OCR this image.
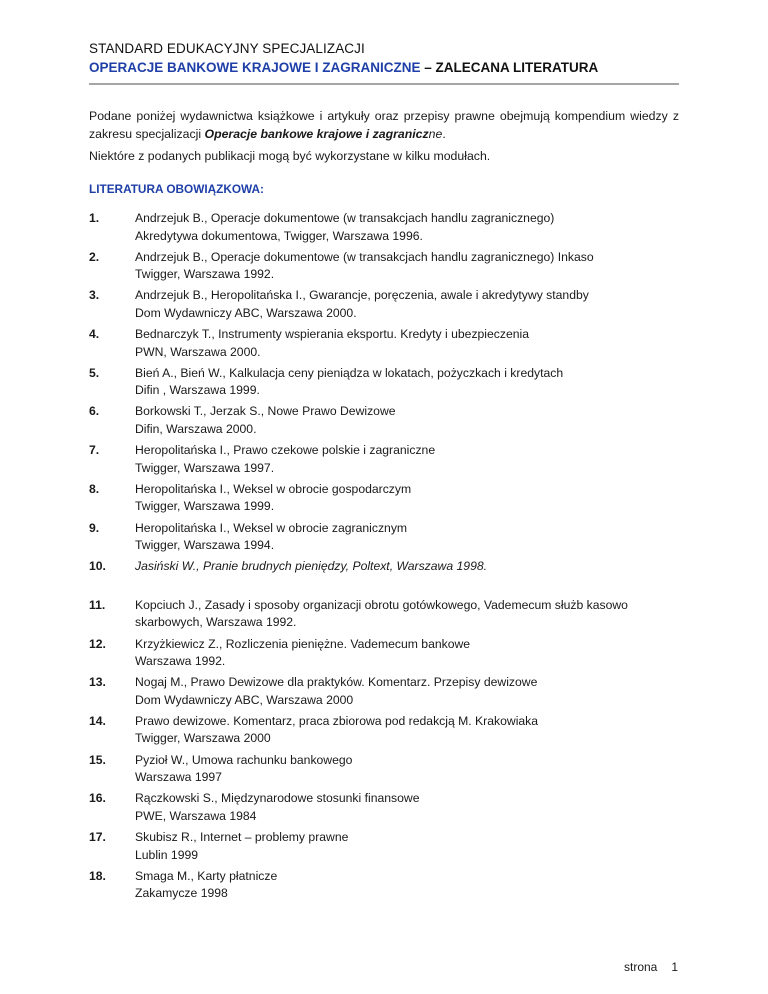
STANDARD EDUKACYJNY SPECJALIZACJI
OPERACJE BANKOWE KRAJOWE I ZAGRANICZNE – ZALECANA LITERATURA
Podane poniżej wydawnictwa książkowe i artykuły oraz przepisy prawne obejmują kompendium wiedzy z zakresu specjalizacji Operacje bankowe krajowe i zagraniczne.
Niektóre z podanych publikacji mogą być wykorzystane w kilku modułach.
LITERATURA OBOWIĄZKOWA:
1.	Andrzejuk B., Operacje dokumentowe (w transakcjach handlu zagranicznego)
Akredytywa dokumentowa, Twigger, Warszawa 1996.
2.	Andrzejuk B., Operacje dokumentowe (w transakcjach handlu zagranicznego) Inkaso
Twigger, Warszawa 1992.
3.	Andrzejuk B., Heropolitańska I., Gwarancje, poręczenia, awale i akredytywy standby
Dom Wydawniczy ABC, Warszawa 2000.
4.	Bednarczyk T., Instrumenty wspierania eksportu. Kredyty i ubezpieczenia
PWN, Warszawa 2000.
5.	Bień A., Bień W., Kalkulacja ceny pieniądza w lokatach, pożyczkach i kredytach
Difin , Warszawa 1999.
6.	Borkowski T., Jerzak S., Nowe Prawo Dewizowe
Difin, Warszawa 2000.
7.	Heropolitańska I., Prawo czekowe polskie i zagraniczne
Twigger, Warszawa 1997.
8.	Heropolitańska I., Weksel w obrocie gospodarczym
Twigger, Warszawa 1999.
9.	Heropolitańska I., Weksel w obrocie zagranicznym
Twigger, Warszawa 1994.
10. Jasiński W., Pranie brudnych pieniędzy, Poltext, Warszawa 1998.
11. Kopciuch J., Zasady i sposoby organizacji obrotu gotówkowego, Vademecum służb kasowo
skarbowych, Warszawa 1992.
12. Krzyżkiewicz Z., Rozliczenia pieniężne. Vademecum bankowe
Warszawa 1992.
13. Nogaj M., Prawo Dewizowe dla praktyków. Komentarz. Przepisy dewizowe
Dom Wydawniczy ABC, Warszawa 2000
14. Prawo dewizowe. Komentarz, praca zbiorowa pod redakcją M. Krakowiaka
Twigger, Warszawa 2000
15. Pyzioł W., Umowa rachunku bankowego
Warszawa 1997
16. Rączkowski S., Międzynarodowe stosunki finansowe
PWE, Warszawa 1984
17. Skubisz R., Internet – problemy prawne
Lublin 1999
18. Smaga M., Karty płatnicze
Zakamycze 1998
strona 1
